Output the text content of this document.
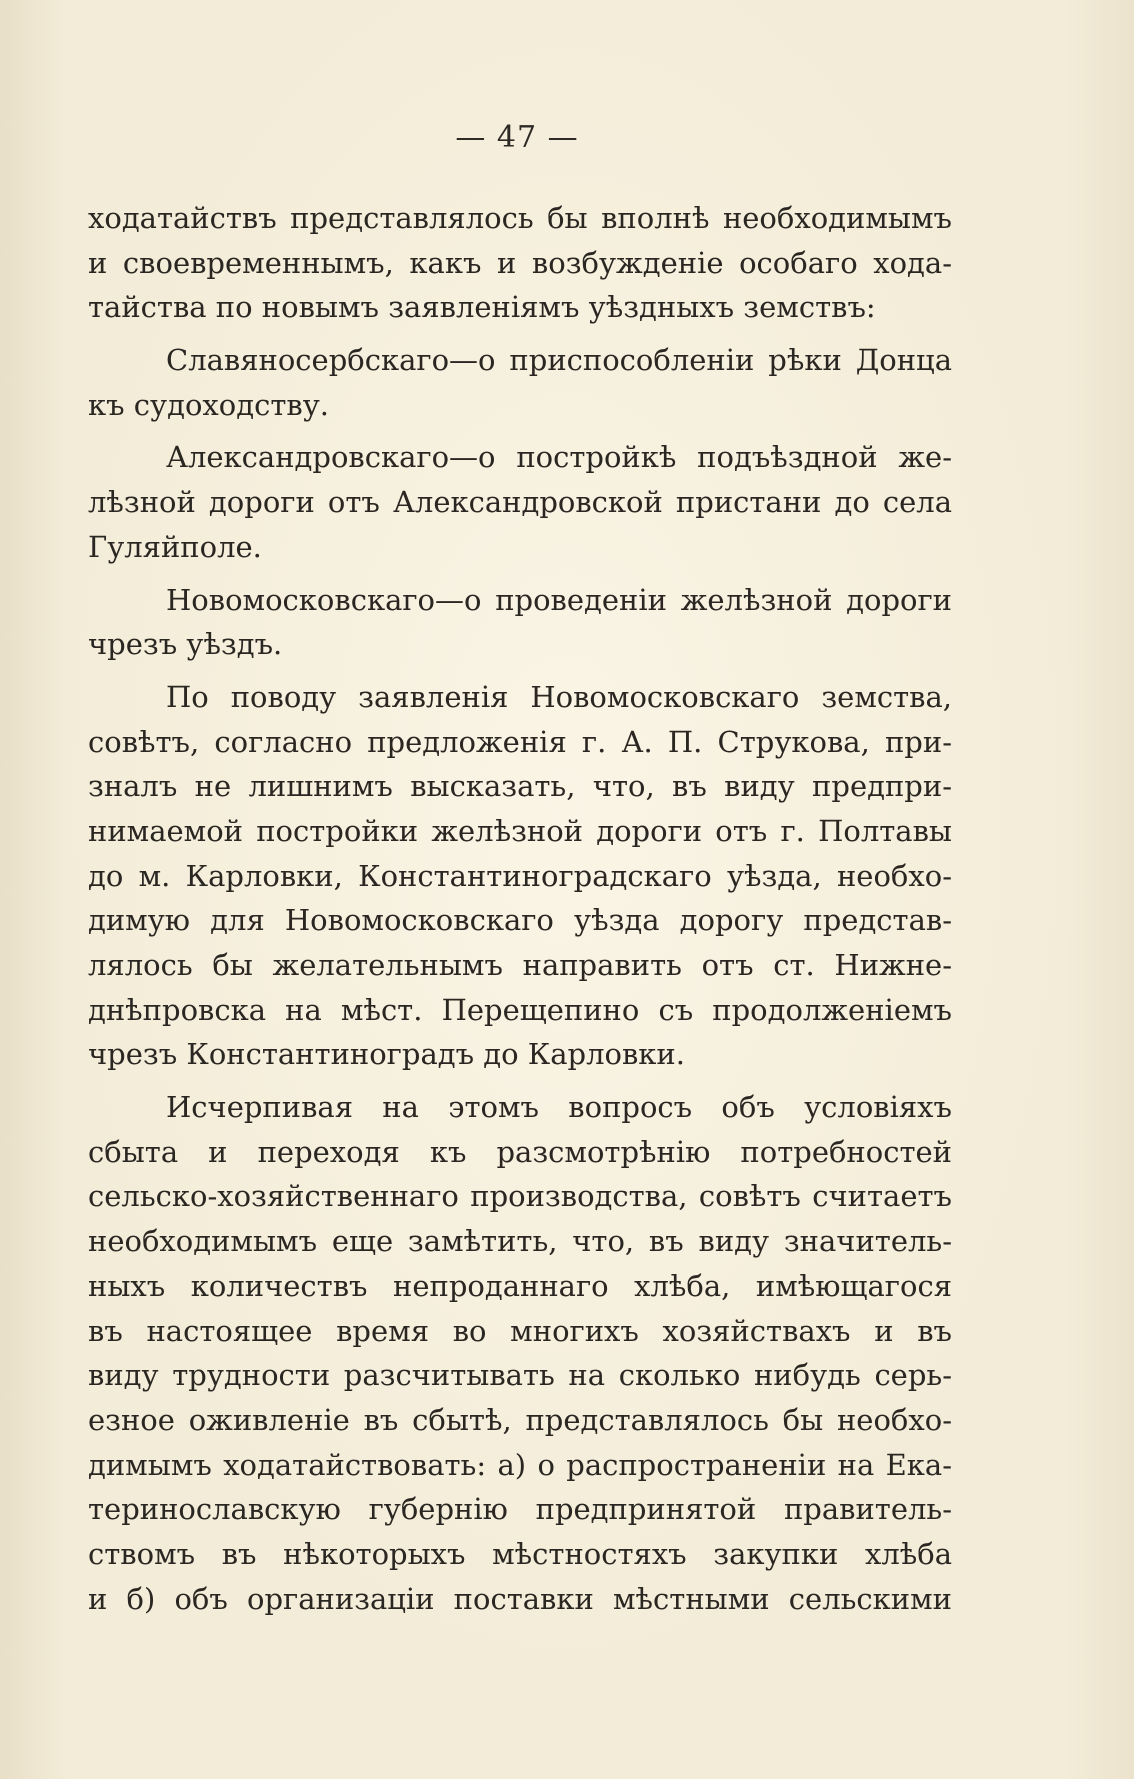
— 47 —
ходатайствъ представлялось бы вполнѣ необходимымъ
и своевременнымъ, какъ и возбужденіе особаго хода-
тайства по новымъ заявленіямъ уѣздныхъ земствъ:
Славяносербскаго—о приспособленіи рѣки Донца
къ судоходству.
Александровскаго—о постройкѣ подъѣздной же-
лѣзной дороги отъ Александровской пристани до села
Гуляйполе.
Новомосковскаго—о проведеніи желѣзной дороги
чрезъ уѣздъ.
По поводу заявленія Новомосковскаго земства,
совѣтъ, согласно предложенія г. А. П. Струкова, при-
зналъ не лишнимъ высказать, что, въ виду предпри-
нимаемой постройки желѣзной дороги отъ г. Полтавы
до м. Карловки, Константиноградскаго уѣзда, необхо-
димую для Новомосковскаго уѣзда дорогу представ-
лялось бы желательнымъ направить отъ ст. Нижне-
днѣпровска на мѣст. Перещепино съ продолженіемъ
чрезъ Константиноградъ до Карловки.
Исчерпивая на этомъ вопросъ объ условіяхъ
сбыта и переходя къ разсмотрѣнію потребностей
сельско-хозяйственнаго производства, совѣтъ считаетъ
необходимымъ еще замѣтить, что, въ виду значитель-
ныхъ количествъ непроданнаго хлѣба, имѣющагося
въ настоящее время во многихъ хозяйствахъ и въ
виду трудности разсчитывать на сколько нибудь серь-
езное оживленіе въ сбытѣ, представлялось бы необхо-
димымъ ходатайствовать: а) о распространеніи на Ека-
теринославскую губернію предпринятой правитель-
ствомъ въ нѣкоторыхъ мѣстностяхъ закупки хлѣба
и б) объ организаціи поставки мѣстными сельскими
